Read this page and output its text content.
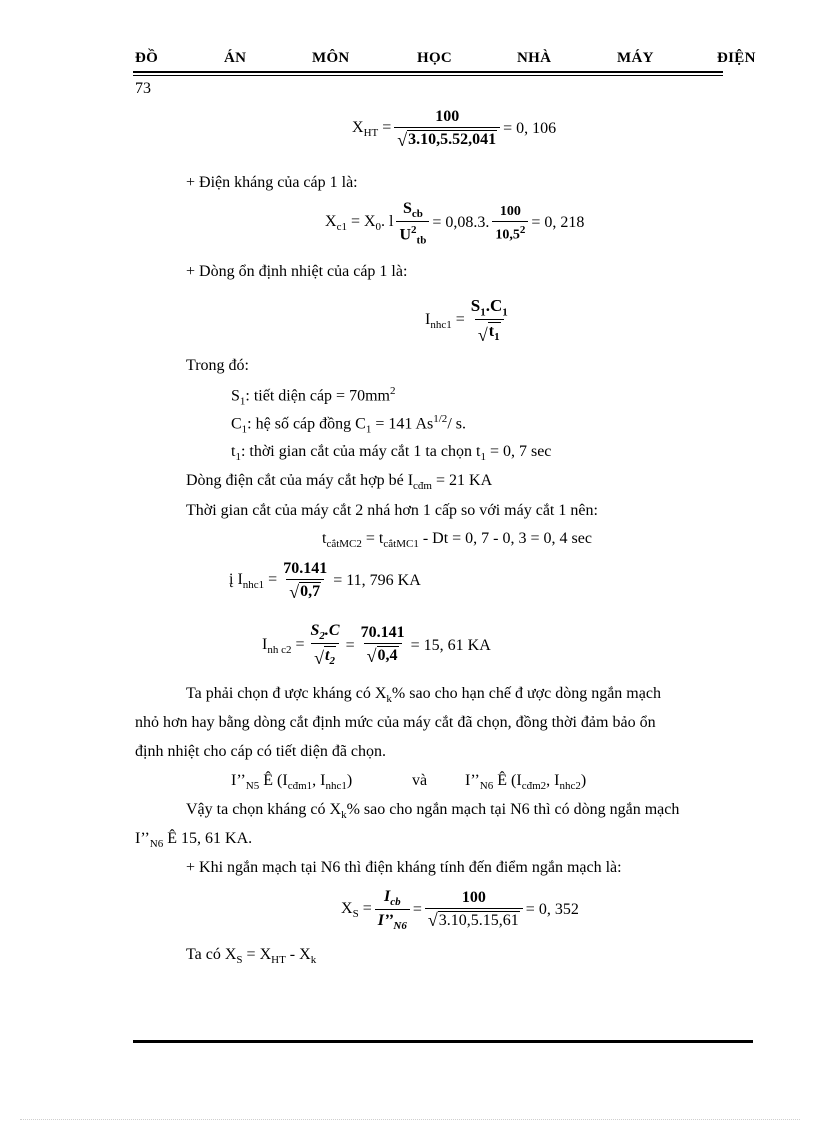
ĐỒ	ÁN	MÔN	HỌC	NHÀ	MÁY	ĐIỆN
73
$X_{HT} = \frac{100}{√ 3.10,5.52,041} = 0$, 106
+ Điện kháng của cáp 1 là:
$X_{c1} = X_0$. l $\frac{S_{cb}}{U^2_{tb}} = 0,08.3$. $\frac{100}{10,5^2} = 0$, 218
+ Dòng ổn định nhiệt của cáp 1 là:
$I_{nhc1} = \frac{S_1.C_1}{√ t_1}$
Trong đó:
$S_1$: tiết diện cáp = $70mm^2$
$C_1$: hệ số cáp đồng $C_1 = 141$ $As^{1/2}/$ s.
$t_1$: thời gian cắt của máy cắt 1 ta chọn $t_1 = 0$, 7 sec
Dòng điện cắt của máy cắt hợp bé $I_{cđm} = 21$ KA
Thời gian cắt của máy cắt 2 nhá hơn 1 cấp so với máy cắt 1 nên:
$t_{cắtMC2} = t_{cắtMC1} - Dt = 0$, 7 - 0, 3 = 0, 4 sec
į $I_{nhc1} = \frac{70.141}{√ 0,7} = 11$, 796 KA
$I_{nh c2} = \frac{S_2.C}{√ t_2} = \frac{70.141}{√ 0,4} = 15$, 61 KA
Ta phải chọn đ ược kháng có $X_k\%$ sao cho hạn chế đ ược dòng ngắn mạch
nhỏ hơn hay bằng dòng cắt định mức của máy cắt đã chọn, đồng thời đảm bảo ổn
định nhiệt cho cáp có tiết diện đã chọn.
$I’’_{N5}$ Ê ($I_{cđm1}$, $I_{nhc1}$)	và $I’’_{N6}$ Ê ($I_{cđm2}$, $I_{nhc2}$)
Vậy ta chọn kháng có $X_k\%$ sao cho ngắn mạch tại N6 thì có dòng ngắn mạch
$I’’_{N6}$ Ê 15, 61 KA.
+ Khi ngắn mạch tại N6 thì điện kháng tính đến điểm ngắn mạch là:
$X_S = \frac{I_{cb}}{I’’_{N6}} = \frac{100}{√ 3.10,5.15,61} = 0$, 352
Ta có $X_S = X_{HT} - X_k$
